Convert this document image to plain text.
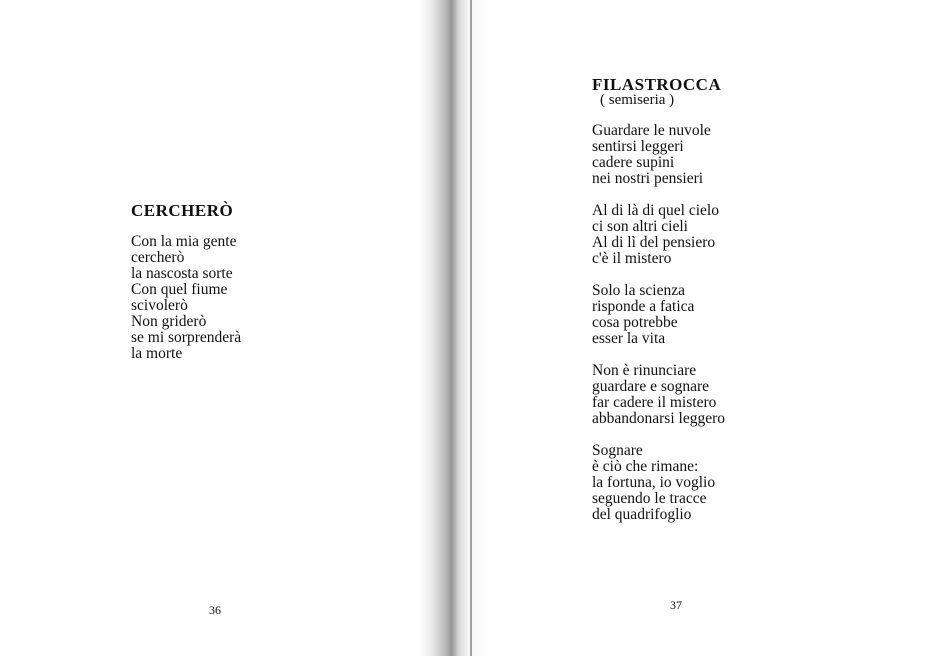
CERCHERÒ

Con la mia gente
cercherò
la nascosta sorte
Con quel fiume
scivolerò
Non griderò
se mi sorprenderà
la morte

36

FILASTROCCA

( semiseria )

Guardare le nuvole
sentirsi leggeri
cadere supini
nei nostri pensieri

Al di là di quel cielo
ci son altri cieli
Al di lì del pensiero
c'è il mistero

Solo la scienza
risponde a fatica
cosa potrebbe
esser la vita

Non è rinunciare
guardare e sognare
far cadere il mistero
abbandonarsi leggero

Sognare
è ciò che rimane:
la fortuna, io voglio
seguendo le tracce
del quadrifoglio

37
